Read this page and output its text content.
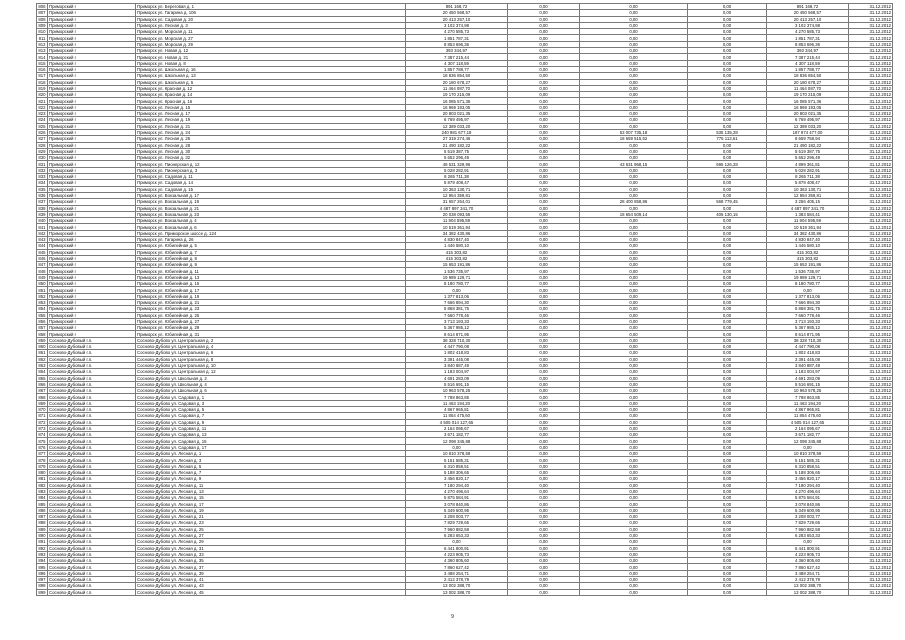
806	Приморский г	Приморск ул. Береговая д. 1	891 168,72	0,00	0,00	0,00	891 168,72	31.12.2012
807	Приморский г	Приморск ул. Гагарина д. 106	20 450 568,57	0,00	0,00	0,00	20 450 568,57	31.12.2012
808	Приморский г	Приморск ул. Садовая д. 20	20 413 257,10	0,00	0,00	0,00	20 413 257,10	31.12.2012
809	Приморский г	Приморск ул. Лесная д. 3	3 102 374,98	0,00	0,00	0,00	3 102 374,98	31.12.2012
810	Приморский г	Приморск ул. Морская д. 11	4 270 585,73	0,00	0,00	0,00	4 270 585,73	31.12.2012
811	Приморский г	Приморск ул. Морская д. 27	1 851 787,31	0,00	0,00	0,00	1 851 787,31	31.12.2012
812	Приморский г	Приморск ул. Морская д. 29	8 853 696,36	0,00	0,00	0,00	8 853 696,36	31.12.2012
813	Приморский г	Приморск ул. Новая д. 12	393 344,97	0,00	0,00	0,00	393 344,97	31.12.2012
814	Приморский г	Приморск ул. Новая д. 21	7 387 215,44	0,00	0,00	0,00	7 387 215,44	31.12.2012
815	Приморский г	Приморск ул. Новая д. 8	4 307 118,59	0,00	0,00	0,00	4 307 118,59	31.12.2012
816	Приморский г	Приморск ул. Школьная д. 16	1 857 788,77	0,00	0,00	0,00	1 857 788,77	31.12.2012
817	Приморский г	Приморск ул. Школьная д. 13	18 836 854,50	0,00	0,00	0,00	18 836 854,50	31.12.2012
818	Приморский г	Приморск ул. Школьная д. 5	20 180 678,27	0,00	0,00	0,00	20 180 678,27	31.12.2012
819	Приморский г	Приморск ул. Красная д. 12	11 464 087,70	0,00	0,00	0,00	11 464 087,70	31.12.2012
820	Приморский г	Приморск ул. Красная д. 14	19 170 215,09	0,00	0,00	0,00	19 170 215,09	31.12.2012
821	Приморский г	Приморск ул. Красная д. 16	16 085 571,36	0,00	0,00	0,00	16 085 571,36	31.12.2012
822	Приморский г	Приморск ул. Лесная д. 15	16 969 193,05	0,00	0,00	0,00	16 969 193,05	31.12.2012
823	Приморский г	Приморск ул. Лесная д. 17	20 803 021,35	0,00	0,00	0,00	20 803 021,35	31.12.2012
824	Приморский г	Приморск ул. Лесная д. 19	6 769 495,97	0,00	0,00	0,00	6 769 495,97	31.12.2012
825	Приморский г	Приморск ул. Лесная д. 21	12 389 033,20	0,00	0,00	0,00	12 389 033,20	31.12.2012
826	Приморский г	Приморск ул. Лесная д. 24	240 981 677,18	0,00	53 007 735,18	535 135,28	187 974 477,00	31.12.2012
827	Приморский г	Приморск ул. Лесная д. 26	27 319 274,46	0,00	18 659 515,52	775 113,61	8 659 758,94	31.12.2012
828	Приморский г	Приморск ул. Лесная д. 28	21 490 182,22	0,00	0,00	0,00	21 490 182,22	31.12.2012
829	Приморский г	Приморск ул. Лесная д. 30	5 519 387,75	0,00	0,00	0,00	5 519 387,75	31.12.2012
830	Приморский г	Приморск ул. Лесная д. 32	5 652 296,49	0,00	0,00	0,00	5 652 296,49	31.12.2012
831	Приморский г	Приморск ул. Пионерская д. 12	48 531 329,96	0,00	43 631 968,15	695 126,28	4 899 361,81	31.12.2012
832	Приморский г	Приморск ул. Пионерская д. 3	5 028 282,91	0,00	0,00	0,00	5 028 282,91	31.12.2012
833	Приморский г	Приморск ул. Садовая д. 11	8 265 711,38	0,00	0,00	0,00	8 265 711,38	31.12.2012
834	Приморский г	Приморск ул. Садовая д. 14	5 879 408,47	0,00	0,00	0,00	5 879 408,47	31.12.2012
835	Приморский г	Приморск ул. Садовая д. 15	10 363 130,71	0,00	0,00	0,00	10 363 130,71	31.12.2012
836	Приморский г	Приморск ул. Вокзальная д. 17	12 954 359,81	0,00	0,00	0,00	12 954 359,81	31.12.2012
837	Приморский г	Приморск ул. Вокзальная д. 19	31 657 264,01	0,00	28 400 858,86	568 779,45	3 256 405,15	31.12.2012
838	Приморский г	Приморск ул. Вокзальная д. 21	4 487 897 341,70	0,00	0,00	0,00	4 487 897 341,70	31.12.2012
839	Приморский г	Приморск ул. Вокзальная д. 23	20 038 093,55	0,00	18 654 509,14	405 130,15	1 383 584,41	31.12.2012
840	Приморский г	Приморск ул. Вокзальная д. 4	11 904 595,59	0,00	0,00	0,00	11 904 595,59	31.12.2012
841	Приморский г	Приморск ул. Вокзальная д. 6	10 519 361,94	0,00	0,00	0,00	10 519 361,94	31.12.2012
842	Приморский г	Приморск ул. Приморское шоссе д. 124	34 382 430,86	0,00	0,00	0,00	34 382 430,86	31.12.2012
843	Приморский г	Приморск ул. Гагарина д. 26	4 830 847,40	0,00	0,00	0,00	4 830 847,40	31.12.2012
844	Приморский г	Приморск ул. Юбилейная д. 5	1 446 580,10	0,00	0,00	0,00	1 446 580,10	31.12.2012
845	Приморский г	Приморск ул. Юбилейная д. 7	415 303,82	0,00	0,00	0,00	415 303,82	31.12.2012
846	Приморский г	Приморск ул. Юбилейная д. 8	415 303,82	0,00	0,00	0,00	415 303,82	31.12.2012
847	Приморский г	Приморск ул. Юбилейная д. 9	15 653 191,86	0,00	0,00	0,00	15 653 191,86	31.12.2012
848	Приморский г	Приморск ул. Юбилейная д. 11	1 536 735,97	0,00	0,00	0,00	1 536 735,97	31.12.2012
849	Приморский г	Приморск ул. Юбилейная д. 13	19 989 129,71	0,00	0,00	0,00	19 989 129,71	31.12.2012
850	Приморский г	Приморск ул. Юбилейная д. 15	8 180 780,77	0,00	0,00	0,00	8 180 780,77	31.12.2012
851	Приморский г	Приморск ул. Юбилейная д. 17	0,00	0,00	0,00	0,00	0,00	31.12.2012
852	Приморский г	Приморск ул. Юбилейная д. 19	1 377 813,06	0,00	0,00	0,00	1 377 813,06	31.12.2012
853	Приморский г	Приморск ул. Юбилейная д. 21	7 666 894,30	0,00	0,00	0,00	7 666 894,30	31.12.2012
854	Приморский г	Приморск ул. Юбилейная д. 23	5 868 381,75	0,00	0,00	0,00	5 868 381,75	31.12.2012
855	Приморский г	Приморск ул. Юбилейная д. 25	7 660 778,46	0,00	0,00	0,00	7 660 778,46	31.12.2012
856	Приморский г	Приморск ул. Юбилейная д. 27	3 713 193,33	0,00	0,00	0,00	3 713 193,33	31.12.2012
857	Приморский г	Приморск ул. Юбилейная д. 29	5 367 985,12	0,00	0,00	0,00	5 367 985,12	31.12.2012
858	Приморский г	Приморск ул. Юбилейная д. 31	8 614 871,95	0,00	0,00	0,00	8 614 871,95	31.12.2012
859	Сосново-Дубовый г.п.	Сосново-Дубово ул. Центральная д. 2	38 328 710,30	0,00	0,00	0,00	38 328 710,30	31.12.2012
860	Сосново-Дубовый г.п.	Сосново-Дубово ул. Центральная д. 4	4 447 790,08	0,00	0,00	0,00	4 447 790,08	31.12.2012
861	Сосново-Дубовый г.п.	Сосново-Дубово ул. Центральная д. 6	1 802 418,83	0,00	0,00	0,00	1 802 418,83	31.12.2012
862	Сосново-Дубовый г.п.	Сосново-Дубово ул. Центральная д. 8	3 391 445,08	0,00	0,00	0,00	3 391 445,08	31.12.2012
863	Сосново-Дубовый г.п.	Сосново-Дубово ул. Центральная д. 10	3 840 887,49	0,00	0,00	0,00	3 840 887,49	31.12.2012
864	Сосново-Дубовый г.п.	Сосново-Дубово ул. Центральная д. 12	1 183 004,97	0,00	0,00	0,00	1 183 004,97	31.12.2012
865	Сосново-Дубовый г.п.	Сосново-Дубово ул. Школьная д. 2	4 691 283,09	0,00	0,00	0,00	4 691 283,09	31.12.2012
866	Сосново-Дубовый г.п.	Сосново-Дубово ул. Школьная д. 4	5 516 691,15	0,00	0,00	0,00	5 516 691,15	31.12.2012
867	Сосново-Дубовый г.п.	Сосново-Дубово ул. Школьная д. 6	10 963 578,25	0,00	0,00	0,00	10 963 578,25	31.12.2012
868	Сосново-Дубовый г.п.	Сосново-Дубово ул. Садовая д. 1	7 788 863,85	0,00	0,00	0,00	7 788 863,85	31.12.2012
869	Сосново-Дубовый г.п.	Сосново-Дубово ул. Садовая д. 3	11 463 194,20	0,00	0,00	0,00	11 463 194,20	31.12.2012
870	Сосново-Дубовый г.п.	Сосново-Дубово ул. Садовая д. 5	4 867 965,81	0,00	0,00	0,00	4 867 965,81	31.12.2012
871	Сосново-Дубовый г.п.	Сосново-Дубово ул. Садовая д. 7	11 854 475,60	0,00	0,00	0,00	11 854 475,60	31.12.2012
872	Сосново-Дубовый г.п.	Сосново-Дубово ул. Садовая д. 9	4 505 014 127,65	0,00	0,00	0,00	4 505 014 127,65	31.12.2012
873	Сосново-Дубовый г.п.	Сосново-Дубово ул. Садовая д. 11	2 164 095,67	0,00	0,00	0,00	2 164 095,67	31.12.2012
874	Сосново-Дубовый г.п.	Сосново-Дубово ул. Садовая д. 13	3 671 182,77	0,00	0,00	0,00	3 671 182,77	31.12.2012
875	Сосново-Дубовый г.п.	Сосново-Дубово ул. Садовая д. 15	12 098 345,88	0,00	0,00	0,00	12 098 345,88	31.12.2012
876	Сосново-Дубовый г.п.	Сосново-Дубово ул. Садовая д. 17	0,00	0,00	0,00	0,00	0,00	31.12.2012
877	Сосново-Дубовый г.п.	Сосново-Дубово ул. Лесная д. 1	10 810 378,59	0,00	0,00	0,00	10 810 378,59	31.12.2012
878	Сосново-Дубовый г.п.	Сосново-Дубово ул. Лесная д. 3	5 151 585,31	0,00	0,00	0,00	5 151 585,31	31.12.2012
879	Сосново-Дубовый г.п.	Сосново-Дубово ул. Лесная д. 5	6 310 858,51	0,00	0,00	0,00	6 310 858,51	31.12.2012
880	Сосново-Дубовый г.п.	Сосново-Дубово ул. Лесная д. 7	5 188 306,65	0,00	0,00	0,00	5 188 306,65	31.12.2012
881	Сосново-Дубовый г.п.	Сосново-Дубово ул. Лесная д. 9	3 456 820,17	0,00	0,00	0,00	3 456 820,17	31.12.2012
882	Сосново-Дубовый г.п.	Сосново-Дубово ул. Лесная д. 11	7 180 294,40	0,00	0,00	0,00	7 180 294,40	31.12.2012
883	Сосново-Дубовый г.п.	Сосново-Дубово ул. Лесная д. 13	4 270 496,64	0,00	0,00	0,00	4 270 496,64	31.12.2012
884	Сосново-Дубовый г.п.	Сосново-Дубово ул. Лесная д. 15	5 875 584,91	0,00	0,00	0,00	5 875 584,91	31.12.2012
885	Сосново-Дубовый г.п.	Сосново-Дубово ул. Лесная д. 17	3 078 840,86	0,00	0,00	0,00	3 078 840,86	31.12.2012
886	Сосново-Дубовый г.п.	Сосново-Дубово ул. Лесная д. 19	5 349 600,95	0,00	0,00	0,00	5 349 600,95	31.12.2012
887	Сосново-Дубовый г.п.	Сосново-Дубово ул. Лесная д. 21	3 208 003,77	0,00	0,00	0,00	3 208 003,77	31.12.2012
888	Сосново-Дубовый г.п.	Сосново-Дубово ул. Лесная д. 23	7 829 729,65	0,00	0,00	0,00	7 829 729,65	31.12.2012
889	Сосново-Дубовый г.п.	Сосново-Дубово ул. Лесная д. 25	7 960 882,58	0,00	0,00	0,00	7 960 882,58	31.12.2012
890	Сосново-Дубовый г.п.	Сосново-Дубово ул. Лесная д. 27	6 283 653,33	0,00	0,00	0,00	6 283 653,33	31.12.2012
891	Сосново-Дубовый г.п.	Сосново-Дубово ул. Лесная д. 29	0,00	0,00	0,00	0,00	0,00	31.12.2012
892	Сосново-Дубовый г.п.	Сосново-Дубово ул. Лесная д. 31	6 441 800,91	0,00	0,00	0,00	6 441 800,91	31.12.2012
893	Сосново-Дубовый г.п.	Сосново-Дубово ул. Лесная д. 33	4 223 905,73	0,00	0,00	0,00	4 223 905,73	31.12.2012
894	Сосново-Дубовый г.п.	Сосново-Дубово ул. Лесная д. 35	4 360 805,60	0,00	0,00	0,00	4 360 805,60	31.12.2012
895	Сосново-Дубовый г.п.	Сосново-Дубово ул. Лесная д. 37	7 860 627,42	0,00	0,00	0,00	7 860 627,42	31.12.2012
896	Сосново-Дубовый г.п.	Сосново-Дубово ул. Лесная д. 39	3 488 254,71	0,00	0,00	0,00	3 488 254,71	31.12.2012
897	Сосново-Дубовый г.п.	Сосново-Дубово ул. Лесная д. 41	2 412 378,79	0,00	0,00	0,00	2 412 378,79	31.12.2012
898	Сосново-Дубовый г.п.	Сосново-Дубово ул. Лесная д. 43	13 002 388,70	0,00	0,00	0,00	13 002 388,70	31.12.2012
899	Сосново-Дубовый г.п.	Сосново-Дубово ул. Лесная д. 45	13 002 388,70	0,00	0,00	0,00	13 002 388,70	31.12.2012
9
